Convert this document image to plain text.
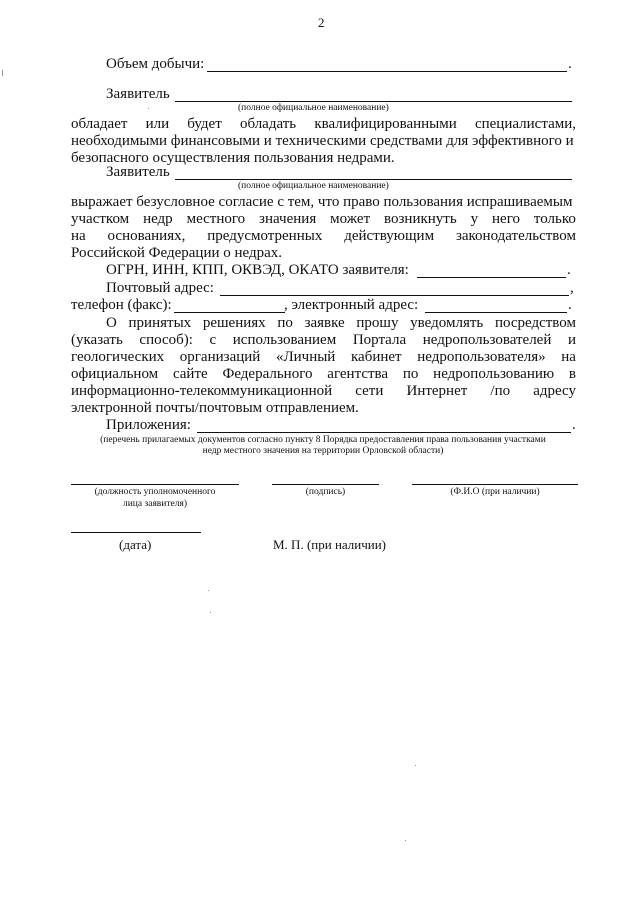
2
Объем добычи:	.
Заявитель
(полное официальное наименование)
обладает или будет обладать квалифицированными специалистами,
необходимыми финансовыми и техническими средствами для эффективного и
безопасного осуществления пользования недрами.
Заявитель
(полное официальное наименование)
выражает безусловное согласие с тем, что право пользования испрашиваемым
участком недр местного значения может возникнуть у него только
на основаниях, предусмотренных действующим законодательством
Российской Федерации о недрах.
ОГРН, ИНН, КПП, ОКВЭД, ОКАТО заявителя:	.
Почтовый адрес:	,
телефон (факс):	, электронный адрес:	.
О принятых решениях по заявке прошу уведомлять посредством
(указать способ): с использованием Портала недропользователей и
геологических организаций «Личный кабинет недропользователя» на
официальном сайте Федерального агентства по недропользованию в
информационно-телекоммуникационной сети Интернет /по адресу
электронной почты/почтовым отправлением.
Приложения:	.
(перечень прилагаемых документов согласно пункту 8 Порядка предоставления права пользования участками
недр местного значения на территории Орловской области)
(должность уполномоченного
лица заявителя)
(подпись)	(Ф.И.О (при наличии)
(дата)	М. П. (при наличии)
